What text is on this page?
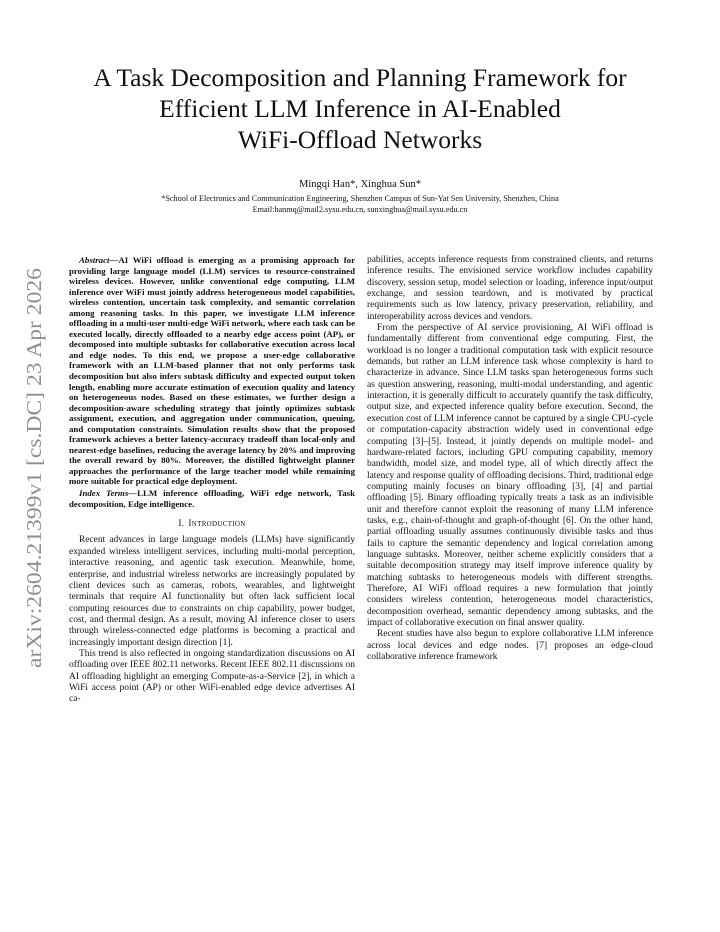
arXiv:2604.21399v1 [cs.DC] 23 Apr 2026
A Task Decomposition and Planning Framework for
Efficient LLM Inference in AI-Enabled
WiFi-Offload Networks
Mingqi Han*, Xinghua Sun*
*School of Electronics and Communication Engineering, Shenzhen Campus of Sun-Yat Sen University, Shenzhen, China
Email:hanmq@mail2.sysu.edu.cn, sunxinghua@mail.sysu.edu.cn

Abstract—AI WiFi offload is emerging as a promising approach for providing large language model (LLM) services to resource-constrained wireless devices. However, unlike conventional edge computing, LLM inference over WiFi must jointly address heterogeneous model capabilities, wireless contention, uncertain task complexity, and semantic correlation among reasoning tasks. In this paper, we investigate LLM inference offloading in a multi-user multi-edge WiFi network, where each task can be executed locally, directly offloaded to a nearby edge access point (AP), or decomposed into multiple subtasks for collaborative execution across local and edge nodes. To this end, we propose a user-edge collaborative framework with an LLM-based planner that not only performs task decomposition but also infers subtask difficulty and expected output token length, enabling more accurate estimation of execution quality and latency on heterogeneous nodes. Based on these estimates, we further design a decomposition-aware scheduling strategy that jointly optimizes subtask assignment, execution, and aggregation under communication, queuing, and computation constraints. Simulation results show that the proposed framework achieves a better latency-accuracy tradeoff than local-only and nearest-edge baselines, reducing the average latency by 20% and improving the overall reward by 80%. Moreover, the distilled lightweight planner approaches the performance of the large teacher model while remaining more suitable for practical edge deployment.

Index Terms—LLM inference offloading, WiFi edge network, Task decomposition, Edge intelligence.

I. Introduction

Recent advances in large language models (LLMs) have significantly expanded wireless intelligent services, including multi-modal perception, interactive reasoning, and agentic task execution. Meanwhile, home, enterprise, and industrial wireless networks are increasingly populated by client devices such as cameras, robots, wearables, and lightweight terminals that require AI functionality but often lack sufficient local computing resources due to constraints on chip capability, power budget, cost, and thermal design. As a result, moving AI inference closer to users through wireless-connected edge platforms is becoming a practical and increasingly important design direction [1].

This trend is also reflected in ongoing standardization discussions on AI offloading over IEEE 802.11 networks. Recent IEEE 802.11 discussions on AI offloading highlight an emerging Compute-as-a-Service [2], in which a WiFi access point (AP) or other WiFi-enabled edge device advertises AI ca-

pabilities, accepts inference requests from constrained clients, and returns inference results. The envisioned service workflow includes capability discovery, session setup, model selection or loading, inference input/output exchange, and session teardown, and is motivated by practical requirements such as low latency, privacy preservation, reliability, and interoperability across devices and vendors.

From the perspective of AI service provisioning, AI WiFi offload is fundamentally different from conventional edge computing. First, the workload is no longer a traditional computation task with explicit resource demands, but rather an LLM inference task whose complexity is hard to characterize in advance. Since LLM tasks span heterogeneous forms such as question answering, reasoning, multi-modal understanding, and agentic interaction, it is generally difficult to accurately quantify the task difficulty, output size, and expected inference quality before execution. Second, the execution cost of LLM inference cannot be captured by a single CPU-cycle or computation-capacity abstraction widely used in conventional edge computing [3]–[5]. Instead, it jointly depends on multiple model- and hardware-related factors, including GPU computing capability, memory bandwidth, model size, and model type, all of which directly affect the latency and response quality of offloading decisions. Third, traditional edge computing mainly focuses on binary offloading [3], [4] and partial offloading [5]. Binary offloading typically treats a task as an indivisible unit and therefore cannot exploit the reasoning of many LLM inference tasks, e.g., chain-of-thought and graph-of-thought [6]. On the other hand, partial offloading usually assumes continuously divisible tasks and thus fails to capture the semantic dependency and logical correlation among language subtasks. Moreover, neither scheme explicitly considers that a suitable decomposition strategy may itself improve inference quality by matching subtasks to heterogeneous models with different strengths. Therefore, AI WiFi offload requires a new formulation that jointly considers wireless contention, heterogeneous model characteristics, decomposition overhead, semantic dependency among subtasks, and the impact of collaborative execution on final answer quality.

Recent studies have also begun to explore collaborative LLM inference across local devices and edge nodes. [7] proposes an edge-cloud collaborative inference framework
